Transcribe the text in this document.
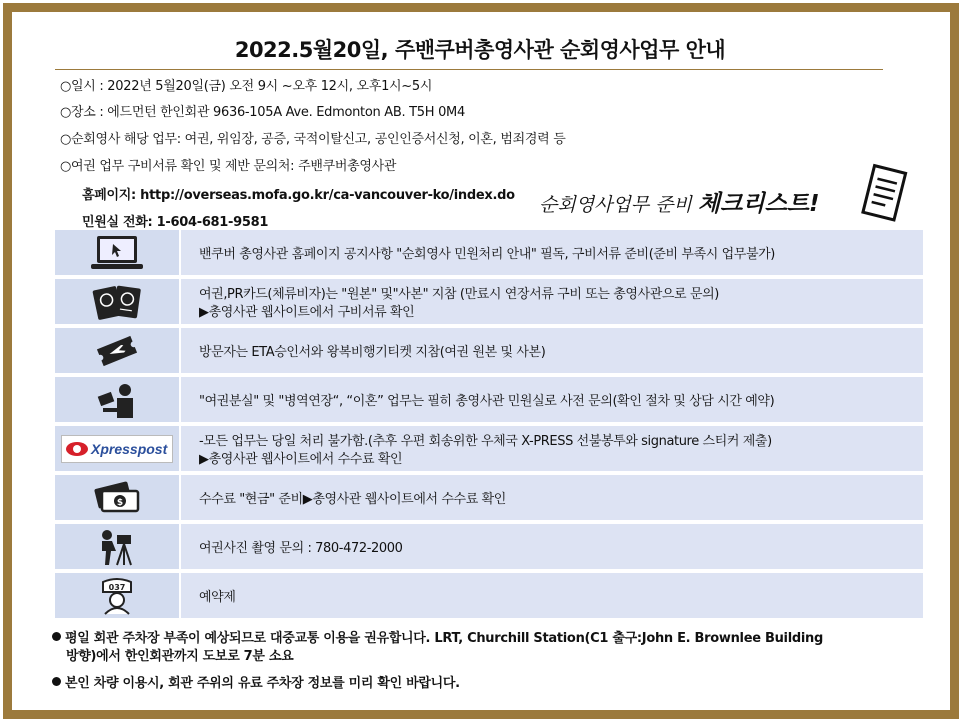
2022.5월20일, 주밴쿠버총영사관 순회영사업무 안내
○일시 : 2022년 5월20일(금) 오전 9시 ~오후 12시, 오후1시~5시
○장소 : 에드먼턴 한인회관 9636-105A Ave. Edmonton AB. T5H 0M4
○순회영사 해당 업무: 여권, 위임장, 공증, 국적이탈신고, 공인인증서신청, 이혼, 범죄경력 등
○여권 업무 구비서류 확인 및 제반 문의처: 주밴쿠버총영사관
홈페이지: http://overseas.mofa.go.kr/ca-vancouver-ko/index.do
민원실 전화: 1-604-681-9581
순회영사업무 준비 체크리스트!
밴쿠버 총영사관 홈페이지 공지사항 "순회영사 민원처리 안내" 필독, 구비서류 준비(준비 부족시 업무불가)
여권,PR카드(체류비자)는 "원본" 및"사본" 지참 (만료시 연장서류 구비 또는 총영사관으로 문의)
▶총영사관 웹사이트에서 구비서류 확인
방문자는 ETA승인서와 왕복비행기티켓 지참(여권 원본 및 사본)
"여권분실" 및 "병역연장“, “이혼” 업무는 필히 총영사관 민원실로 사전 문의(확인 절차 및 상담 시간 예약)
Xpresspost -모든 업무는 당일 처리 불가함.(추후 우편 회송위한 우체국 X-PRESS 선불봉투와 signature 스티커 제출)
▶총영사관 웹사이트에서 수수료 확인
$	수수료 "현금" 준비▶총영사관 웹사이트에서 수수료 확인
여권사진 촬영 문의 : 780-472-2000
037
예약제
평일 회관 주차장 부족이 예상되므로 대중교통 이용을 권유합니다. LRT, Churchill Station(C1 출구:John E. Brownlee Building
방향)에서 한인회관까지 도보로 7분 소요
본인 차량 이용시, 회관 주위의 유료 주차장 정보를 미리 확인 바랍니다.
